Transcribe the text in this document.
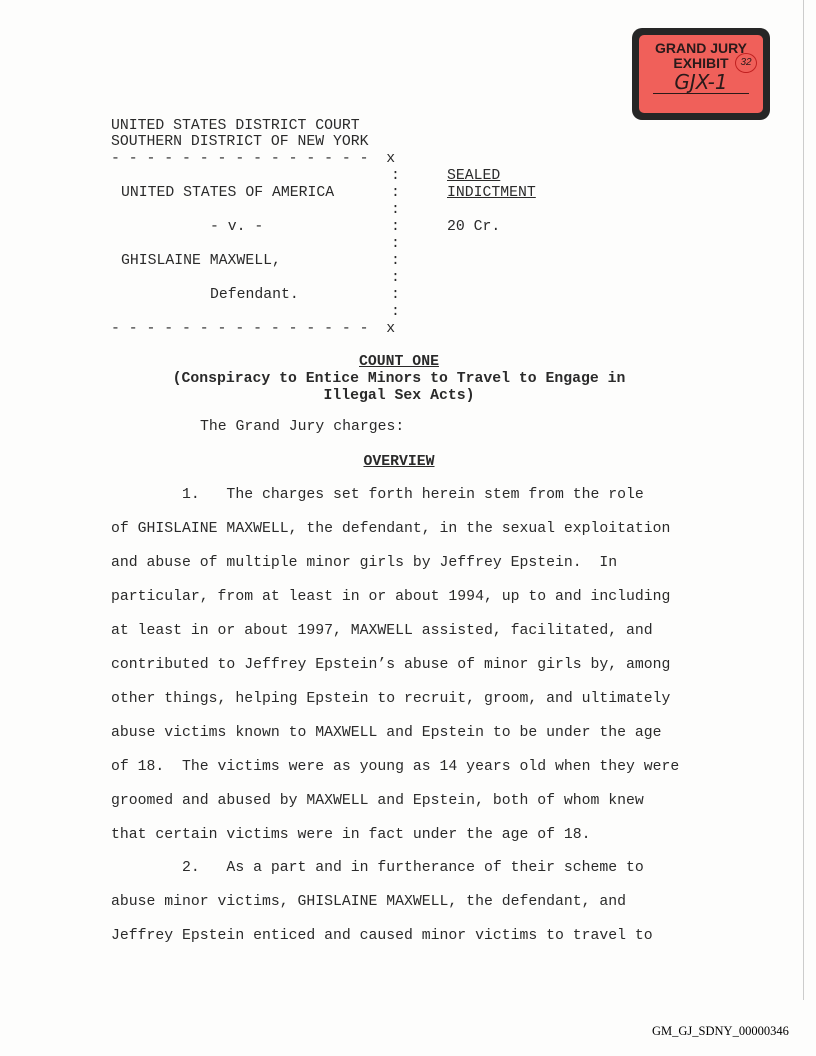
GRAND JURY
EXHIBIT
GJX-1
32
UNITED STATES DISTRICT COURT
SOUTHERN DISTRICT OF NEW YORK
- - - - - - - - - - - - - - -  x
:
:
:
:
:
:
:
:
:
UNITED STATES OF AMERICA
- v. -
GHISLAINE MAXWELL,
Defendant.
- - - - - - - - - - - - - - -  x
SEALED
INDICTMENT
20 Cr.
COUNT ONE
(Conspiracy to Entice Minors to Travel to Engage in
Illegal Sex Acts)
The Grand Jury charges:
OVERVIEW
1.   The charges set forth herein stem from the role
of GHISLAINE MAXWELL, the defendant, in the sexual exploitation
and abuse of multiple minor girls by Jeffrey Epstein.  In
particular, from at least in or about 1994, up to and including
at least in or about 1997, MAXWELL assisted, facilitated, and
contributed to Jeffrey Epstein’s abuse of minor girls by, among
other things, helping Epstein to recruit, groom, and ultimately
abuse victims known to MAXWELL and Epstein to be under the age
of 18.  The victims were as young as 14 years old when they were
groomed and abused by MAXWELL and Epstein, both of whom knew
that certain victims were in fact under the age of 18.
2.   As a part and in furtherance of their scheme to
abuse minor victims, GHISLAINE MAXWELL, the defendant, and
Jeffrey Epstein enticed and caused minor victims to travel to
GM_GJ_SDNY_00000346
